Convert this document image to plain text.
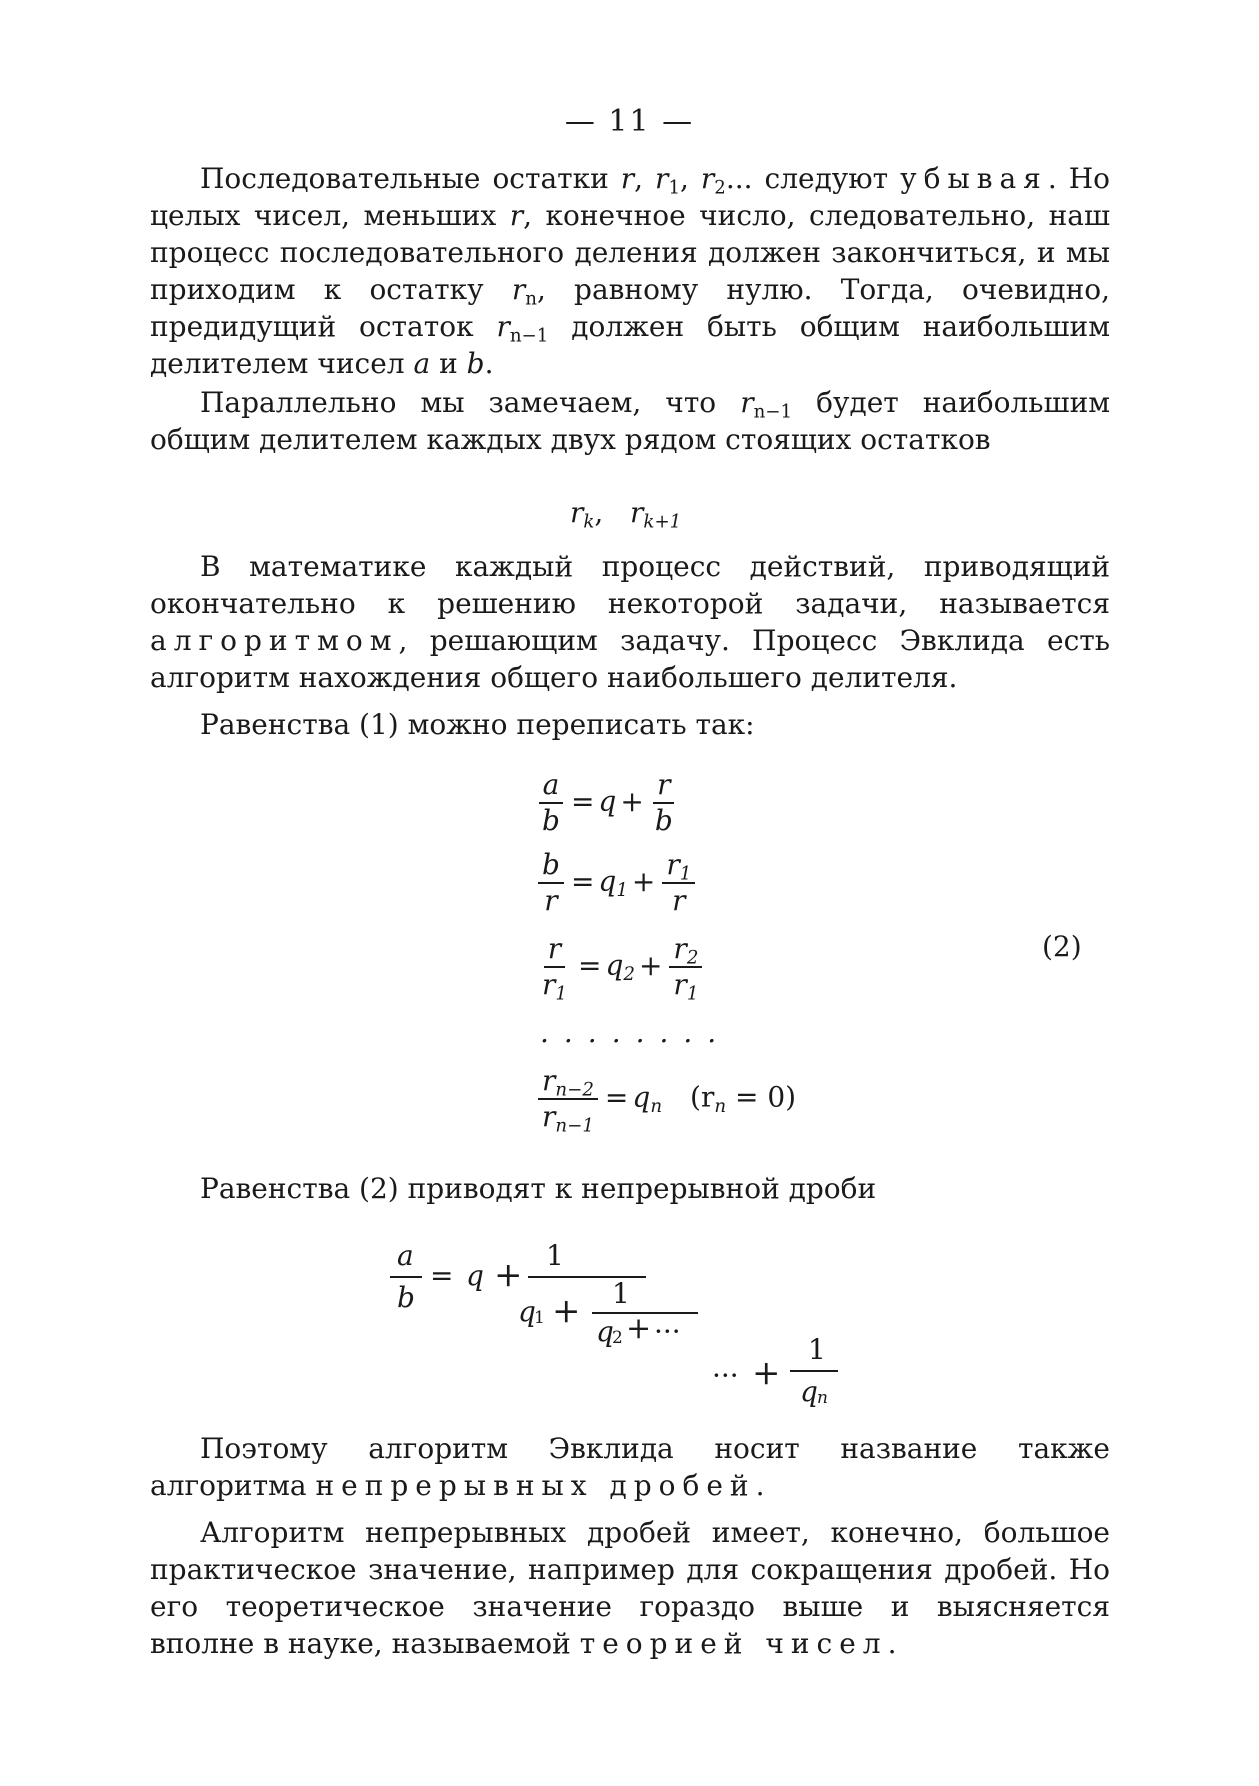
— 11 —

Последовательные остатки r, $r_1$, $r_2$... следуют убывая. Но целых чисел, меньших r, конечное число, следовательно, наш процесс последовательного деления должен закончиться, и мы приходим к остатку $r_n$, равному нулю. Тогда, очевидно, предидущий остаток $r_{n-1}$ должен быть общим наибольшим делителем чисел a и b.

Параллельно мы замечаем, что $r_{n-1}$ будет наибольшим общим делителем каждых двух рядом стоящих остатков

$r_k$,   $r_{k+1}$

В математике каждый процесс действий, приводящий окончательно к решению некоторой задачи, называется алгоритмом, решающим задачу. Процесс Эвклида есть алгоритм нахождения общего наибольшего делителя.

Равенства (1) можно переписать так:

$\frac{a}{b} = q + \frac{r}{b}$
$\frac{b}{r} = q_1 + \frac{r_1}{r}$
$\frac{r}{r_1} = q_2 + \frac{r_2}{r_1}$
........
$\frac{r_{n-2}}{r_{n-1}} = q_n$ $(r_n = 0)$
(2)

Равенства (2) приводят к непрерывной дроби

a
b
= q + 1
q
1 + 1
q
2 + ···
··· +
1
q n

Поэтому алгоритм Эвклида носит название также алгоритма непрерывных дробей.

Алгоритм непрерывных дробей имеет, конечно, большое практическое значение, например для сокращения дробей. Но его теоретическое значение гораздо выше и выясняется вполне в науке, называемой теорией чисел.
